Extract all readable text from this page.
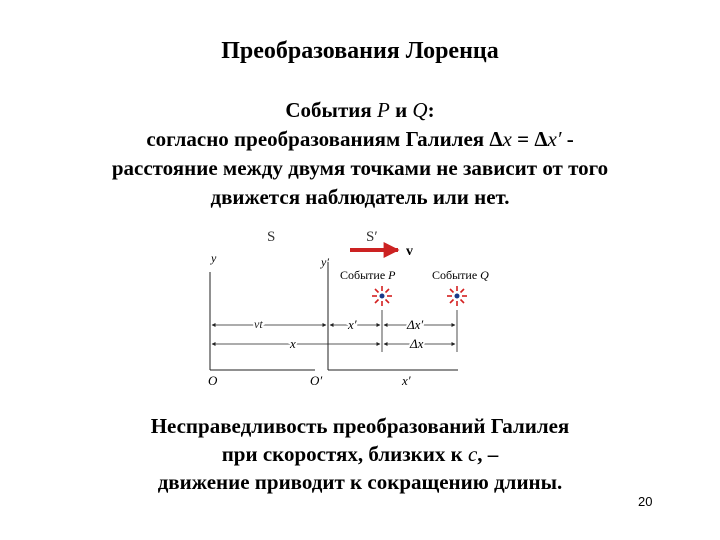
Преобразования Лоренца
События P и Q:
согласно преобразованиям Галилея Δx = Δx′ -
расстояние между двумя точками не зависит от того
движется наблюдатель или нет.
S	S′
v
y
O
y′
O′	x′
Событие P	Событие Q
vt	x′	Δx′
x	Δx
Несправедливость преобразований Галилея
при скоростях, близких к c, –
движение приводит к сокращению длины.
20
